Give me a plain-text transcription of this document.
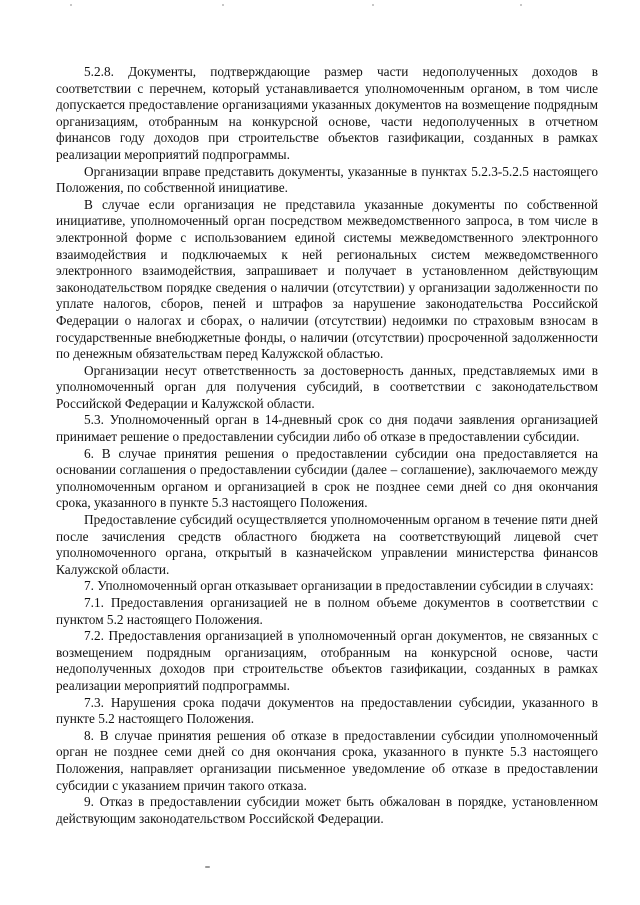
5.2.8. Документы, подтверждающие размер части недополученных доходов в соответствии с перечнем, который устанавливается уполномоченным органом, в том числе допускается предоставление организациями указанных документов на возмещение подрядным организациям, отобранным на конкурсной основе, части недополученных в отчетном финансов году доходов при строительстве объектов газификации, созданных в рамках реализации мероприятий подпрограммы.

Организации вправе представить документы, указанные в пунктах 5.2.3-5.2.5 настоящего Положения, по собственной инициативе.

В случае если организация не представила указанные документы по собственной инициативе, уполномоченный орган посредством межведомственного запроса, в том числе в электронной форме с использованием единой системы межведомственного электронного взаимодействия и подключаемых к ней региональных систем межведомственного электронного взаимодействия, запрашивает и получает в установленном действующим законодательством порядке сведения о наличии (отсутствии) у организации задолженности по уплате налогов, сборов, пеней и штрафов за нарушение законодательства Российской Федерации о налогах и сборах, о наличии (отсутствии) недоимки по страховым взносам в государственные внебюджетные фонды, о наличии (отсутствии) просроченной задолженности по денежным обязательствам перед Калужской областью.

Организации несут ответственность за достоверность данных, представляемых ими в уполномоченный орган для получения субсидий, в соответствии с законодательством Российской Федерации и Калужской области.

5.3. Уполномоченный орган в 14-дневный срок со дня подачи заявления организацией принимает решение о предоставлении субсидии либо об отказе в предоставлении субсидии.

6. В случае принятия решения о предоставлении субсидии она предоставляется на основании соглашения о предоставлении субсидии (далее – соглашение), заключаемого между уполномоченным органом и организацией в срок не позднее семи дней со дня окончания срока, указанного в пункте 5.3 настоящего Положения.

Предоставление субсидий осуществляется уполномоченным органом в течение пяти дней после зачисления средств областного бюджета на соответствующий лицевой счет уполномоченного органа, открытый в казначейском управлении министерства финансов Калужской области.

7. Уполномоченный орган отказывает организации в предоставлении субсидии в случаях:

7.1. Предоставления организацией не в полном объеме документов в соответствии с пунктом 5.2 настоящего Положения.

7.2. Предоставления организацией в уполномоченный орган документов, не связанных с возмещением подрядным организациям, отобранным на конкурсной основе, части недополученных доходов при строительстве объектов газификации, созданных в рамках реализации мероприятий подпрограммы.

7.3. Нарушения срока подачи документов на предоставлении субсидии, указанного в пункте 5.2 настоящего Положения.

8. В случае принятия решения об отказе в предоставлении субсидии уполномоченный орган не позднее семи дней со дня окончания срока, указанного в пункте 5.3 настоящего Положения, направляет организации письменное уведомление об отказе в предоставлении субсидии с указанием причин такого отказа.

9. Отказ в предоставлении субсидии может быть обжалован в порядке, установленном действующим законодательством Российской Федерации.
